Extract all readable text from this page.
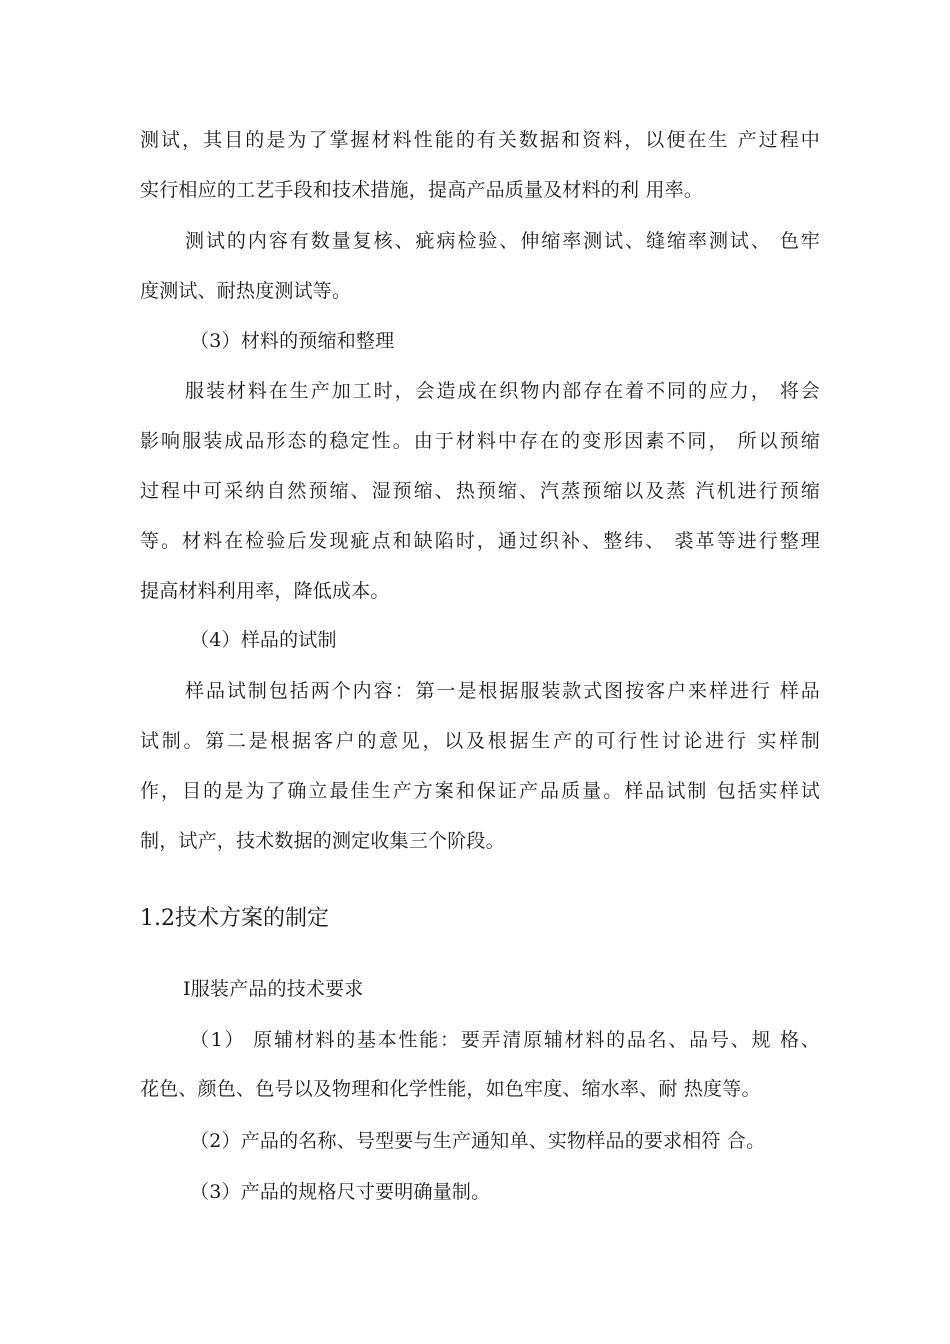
测试，其目的是为了掌握材料性能的有关数据和资料，以便在生 产过程中
实行相应的工艺手段和技术措施，提高产品质量及材料的利 用率。
测试的内容有数量复核、疵病检验、伸缩率测试、缝缩率测试、 色牢
度测试、耐热度测试等。
（3）材料的预缩和整理
服装材料在生产加工时，会造成在织物内部存在着不同的应力， 将会
影响服装成品形态的稳定性。由于材料中存在的变形因素不同， 所以预缩
过程中可采纳自然预缩、湿预缩、热预缩、汽蒸预缩以及蒸 汽机进行预缩
等。材料在检验后发现疵点和缺陷时，通过织补、整纬、 裘革等进行整理
提高材料利用率，降低成本。
（4）样品的试制
样品试制包括两个内容：第一是根据服装款式图按客户来样进行 样品
试制。第二是根据客户的意见，以及根据生产的可行性讨论进行 实样制
作，目的是为了确立最佳生产方案和保证产品质量。样品试制 包括实样试
制，试产，技术数据的测定收集三个阶段。
1.2技术方案的制定
Ⅰ服装产品的技术要求
（1） 原辅材料的基本性能：要弄清原辅材料的品名、品号、规 格、
花色、颜色、色号以及物理和化学性能，如色牢度、缩水率、耐 热度等。
（2）产品的名称、号型要与生产通知单、实物样品的要求相符 合。
（3）产品的规格尺寸要明确量制。
